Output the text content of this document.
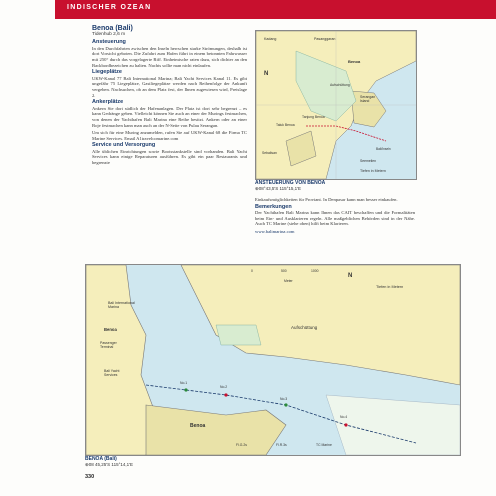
INDISCHER OZEAN
Benoa (Bali)
Tidenhub 2,6 m
Ansteuerung

In den Durchfahrten zwischen den Inseln herrschen starke Strömungen, deshalb ist dort Vorsicht geboten. Die Zufahrt zum Hafen führt in einem betonnten Fahrwasser mit 250° durch das vorgelagerte Riff. Einheimische raten dazu, sich dichter an den Backbordbezeichen zu halten. Nachts sollte man nicht einlaufen.

Liegeplätze

UKW-Kanal 77 Bali International Marina; Bali Yacht Services Kanal 11. Es gibt ungefähr 75 Liegeplätze, Gastliegeplätze werden nach Reihenfolge der Ankunft vergeben. Nachsuchen, ob an dem Platz fest, der Ihnen zugewiesen wird, Preislage 2.

Ankerplätze

Ankern Sie dort südlich der Hafenanlagen. Der Platz ist dort sehr begrenzt – es kann Gedränge geben. Vielleicht können Sie auch an einer der Murings festmachen, von denen der Yachthafen Bali Marina eine Reihe besitzt. Ankern oder an einer Boje festmachen kann man auch an der N-Seite von Pulau Serangan.

Um sich für eine Muring anzumelden, rufen Sie auf UKW-Kanal 68 die Firma TC Marine Services. Email A1travelcomarine.com

Service und Versorgung

Alle üblichen Einrichtungen sowie Bootsstankstelle sind vorhanden. Bali Yacht Services kann einige Reparaturen ausführen. Es gibt ein paar Restaurants und begrenzte

Kadang	Pasanggaran
Benoa
Serangan Island
Aufschüttung
Tanjung Benoa
Taluk Benoa
Sebalisan
Bali/Inseln
Tiefen in Metern
Seemeilen
N
ANSTEUERUNG VON BENOA
⊕08°43,5'S 115°15,1'E

Einkaufsmöglichkeiten für Proviant. In Denpasar kann man besser einkaufen.

Bemerkungen

Der Yachthafen Bali Marina kann Ihnen das CAIT beschaffen und die Formalitäten beim Ein- und Ausklarieren regeln. Alle maßgeblichen Behörden sind in der Nähe. Auch TC Marine (siehe oben) hilft beim Klarieren.

www.balimarina.com
Bali International Marina
Benoa
Passenger Terminal
Bali Yacht Services
Aufschüttung
Benoa
Tiefen in Metern
0	500	1000
Meter
N
No.1
No.2
No.3
No.4
Fl.G.2s	Fl.R.3s	TC Marine
BENOA (Bali)
⊕08 45,25'S 115°14,1'E
330
